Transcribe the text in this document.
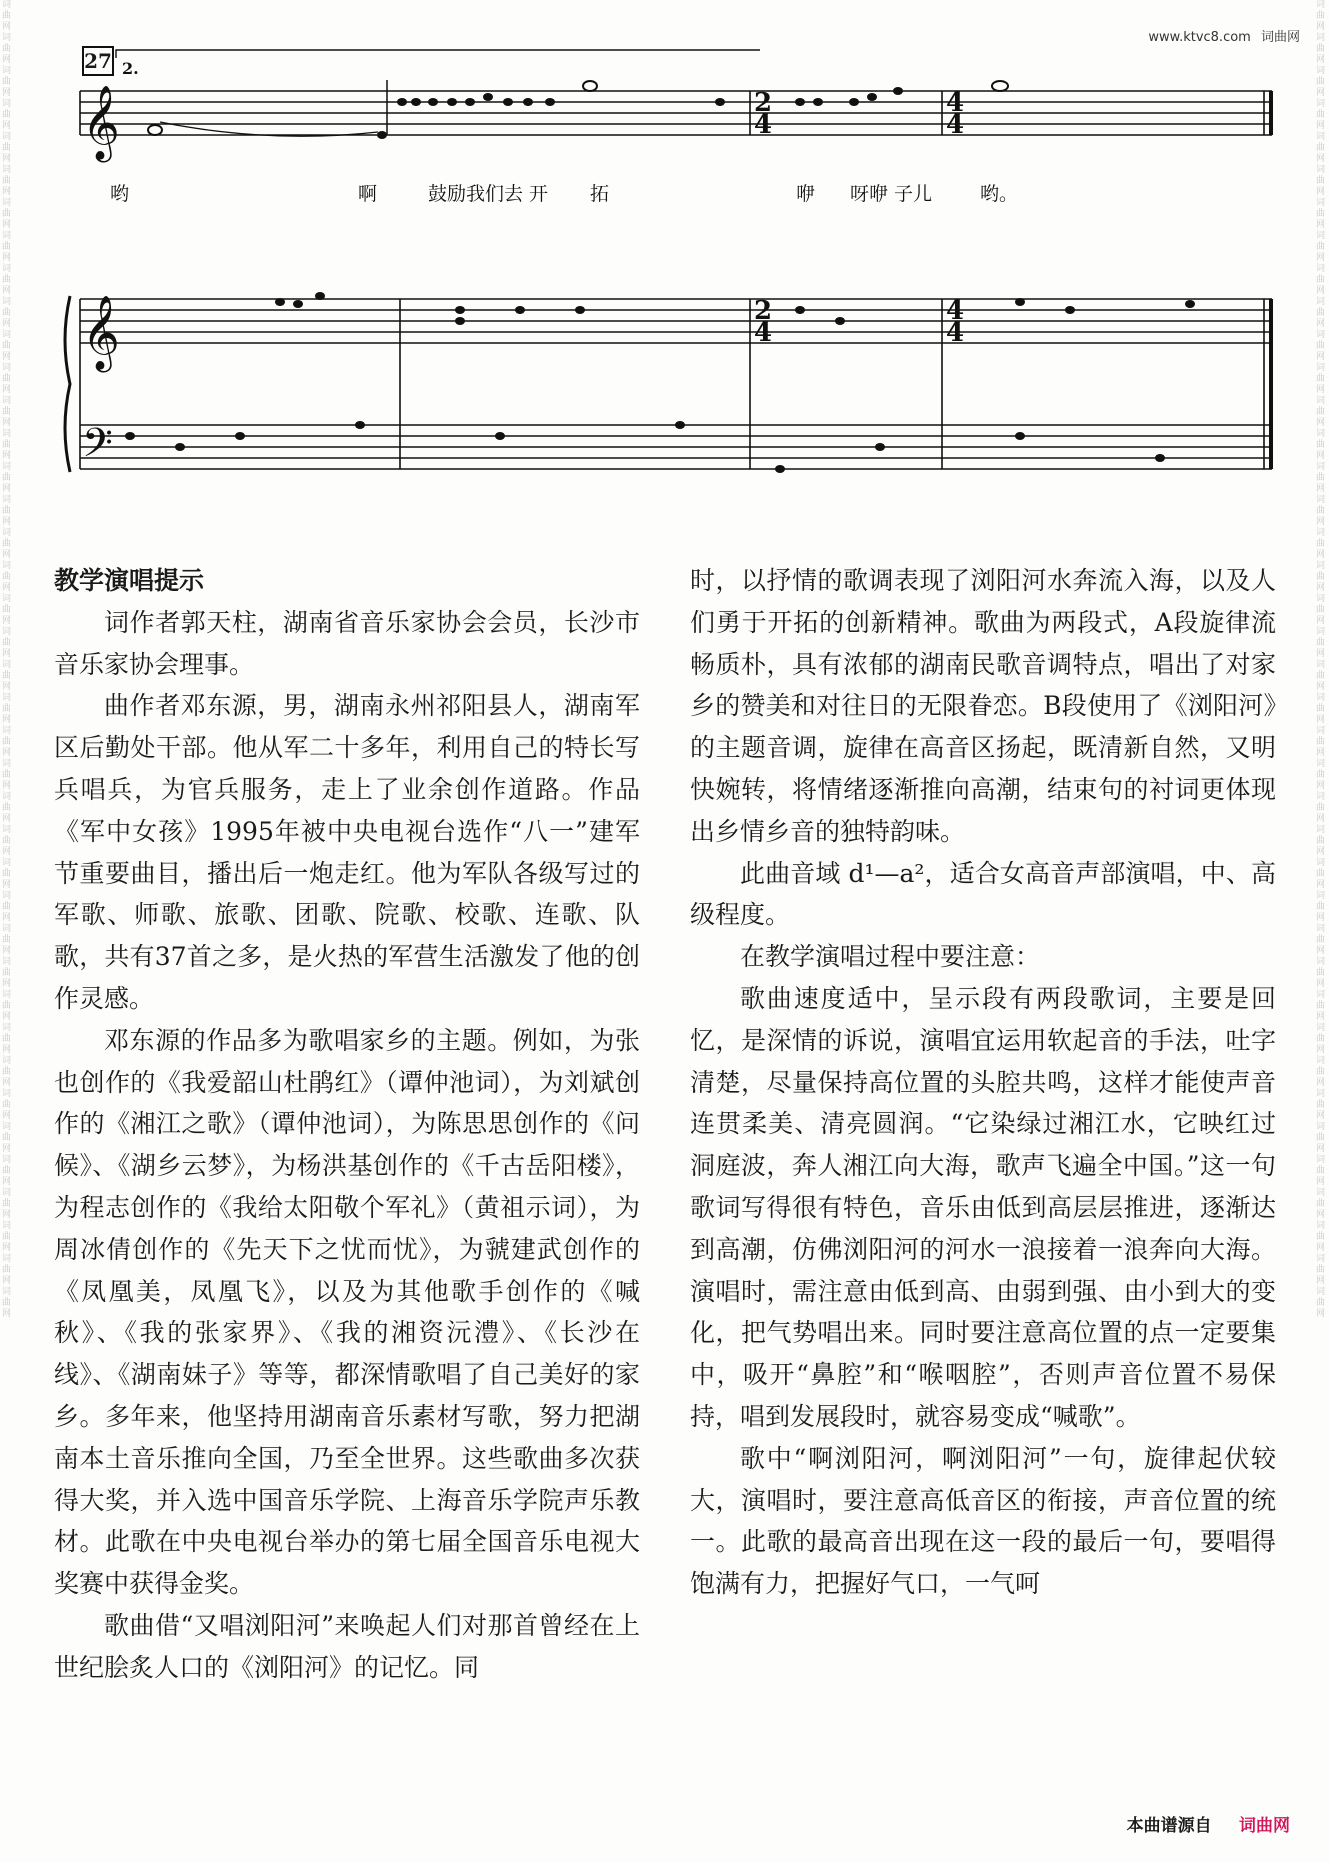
词曲网词曲网词曲网词曲网词曲网词曲网词曲网词曲网词曲网词曲网词曲网词曲网词曲网词曲网词曲网词曲网词曲网词曲网词曲网词曲网词曲网词曲网词曲网词曲网词曲网词曲网词曲网词曲网词曲网词曲网词曲网词曲网词曲网词曲网词曲网词曲网词曲网词曲网词曲网词曲网
词曲网词曲网词曲网词曲网词曲网词曲网词曲网词曲网词曲网词曲网词曲网词曲网词曲网词曲网词曲网词曲网词曲网词曲网词曲网词曲网词曲网词曲网词曲网词曲网词曲网词曲网词曲网词曲网词曲网词曲网词曲网词曲网词曲网词曲网词曲网词曲网词曲网词曲网词曲网词曲网
www.ktvc8.com 词曲网
27 2.
𝄞
𝄞
𝄢
2
4
4
4
2
4
4
4
哟	啊	鼓励我们去 开 拓	咿 呀咿 子儿	哟。
教学演唱提示

词作者郭天柱，湖南省音乐家协会会员，长沙市音乐家协会理事。

曲作者邓东源，男，湖南永州祁阳县人，湖南军区后勤处干部。他从军二十多年，利用自己的特长写兵唱兵，为官兵服务，走上了业余创作道路。作品《军中女孩》1995年被中央电视台选作“八一”建军节重要曲目，播出后一炮走红。他为军队各级写过的军歌、师歌、旅歌、团歌、院歌、校歌、连歌、队歌，共有37首之多，是火热的军营生活激发了他的创作灵感。

邓东源的作品多为歌唱家乡的主题。例如，为张也创作的《我爱韶山杜鹃红》（谭仲池词），为刘斌创作的《湘江之歌》（谭仲池词），为陈思思创作的《问候》、《湖乡云梦》，为杨洪基创作的《千古岳阳楼》，为程志创作的《我给太阳敬个军礼》（黄祖示词），为周冰倩创作的《先天下之忧而忧》，为虢建武创作的《凤凰美，凤凰飞》，以及为其他歌手创作的《喊秋》、《我的张家界》、《我的湘资沅澧》、《长沙在线》、《湖南妹子》等等，都深情歌唱了自己美好的家乡。多年来，他坚持用湖南音乐素材写歌，努力把湖南本土音乐推向全国，乃至全世界。这些歌曲多次获得大奖，并入选中国音乐学院、上海音乐学院声乐教材。此歌在中央电视台举办的第七届全国音乐电视大奖赛中获得金奖。

歌曲借“又唱浏阳河”来唤起人们对那首曾经在上世纪脍炙人口的《浏阳河》的记忆。同

时，以抒情的歌调表现了浏阳河水奔流入海，以及人们勇于开拓的创新精神。歌曲为两段式，A段旋律流畅质朴，具有浓郁的湖南民歌音调特点，唱出了对家乡的赞美和对往日的无限眷恋。B段使用了《浏阳河》的主题音调，旋律在高音区扬起，既清新自然，又明快婉转，将情绪逐渐推向高潮，结束句的衬词更体现出乡情乡音的独特韵味。

此曲音域 d¹—a²，适合女高音声部演唱，中、高级程度。

在教学演唱过程中要注意：

歌曲速度适中，呈示段有两段歌词，主要是回忆，是深情的诉说，演唱宜运用软起音的手法，吐字清楚，尽量保持高位置的头腔共鸣，这样才能使声音连贯柔美、清亮圆润。“它染绿过湘江水，它映红过洞庭波，奔人湘江向大海，歌声飞遍全中国。”这一句歌词写得很有特色，音乐由低到高层层推进，逐渐达到高潮，仿佛浏阳河的河水一浪接着一浪奔向大海。演唱时，需注意由低到高、由弱到强、由小到大的变化，把气势唱出来。同时要注意高位置的点一定要集中，吸开“鼻腔”和“喉咽腔”，否则声音位置不易保持，唱到发展段时，就容易变成“喊歌”。

歌中“啊浏阳河，啊浏阳河”一句，旋律起伏较大，演唱时，要注意高低音区的衔接，声音位置的统一。此歌的最高音出现在这一段的最后一句，要唱得饱满有力，把握好气口，一气呵

本曲谱源自 词曲网
